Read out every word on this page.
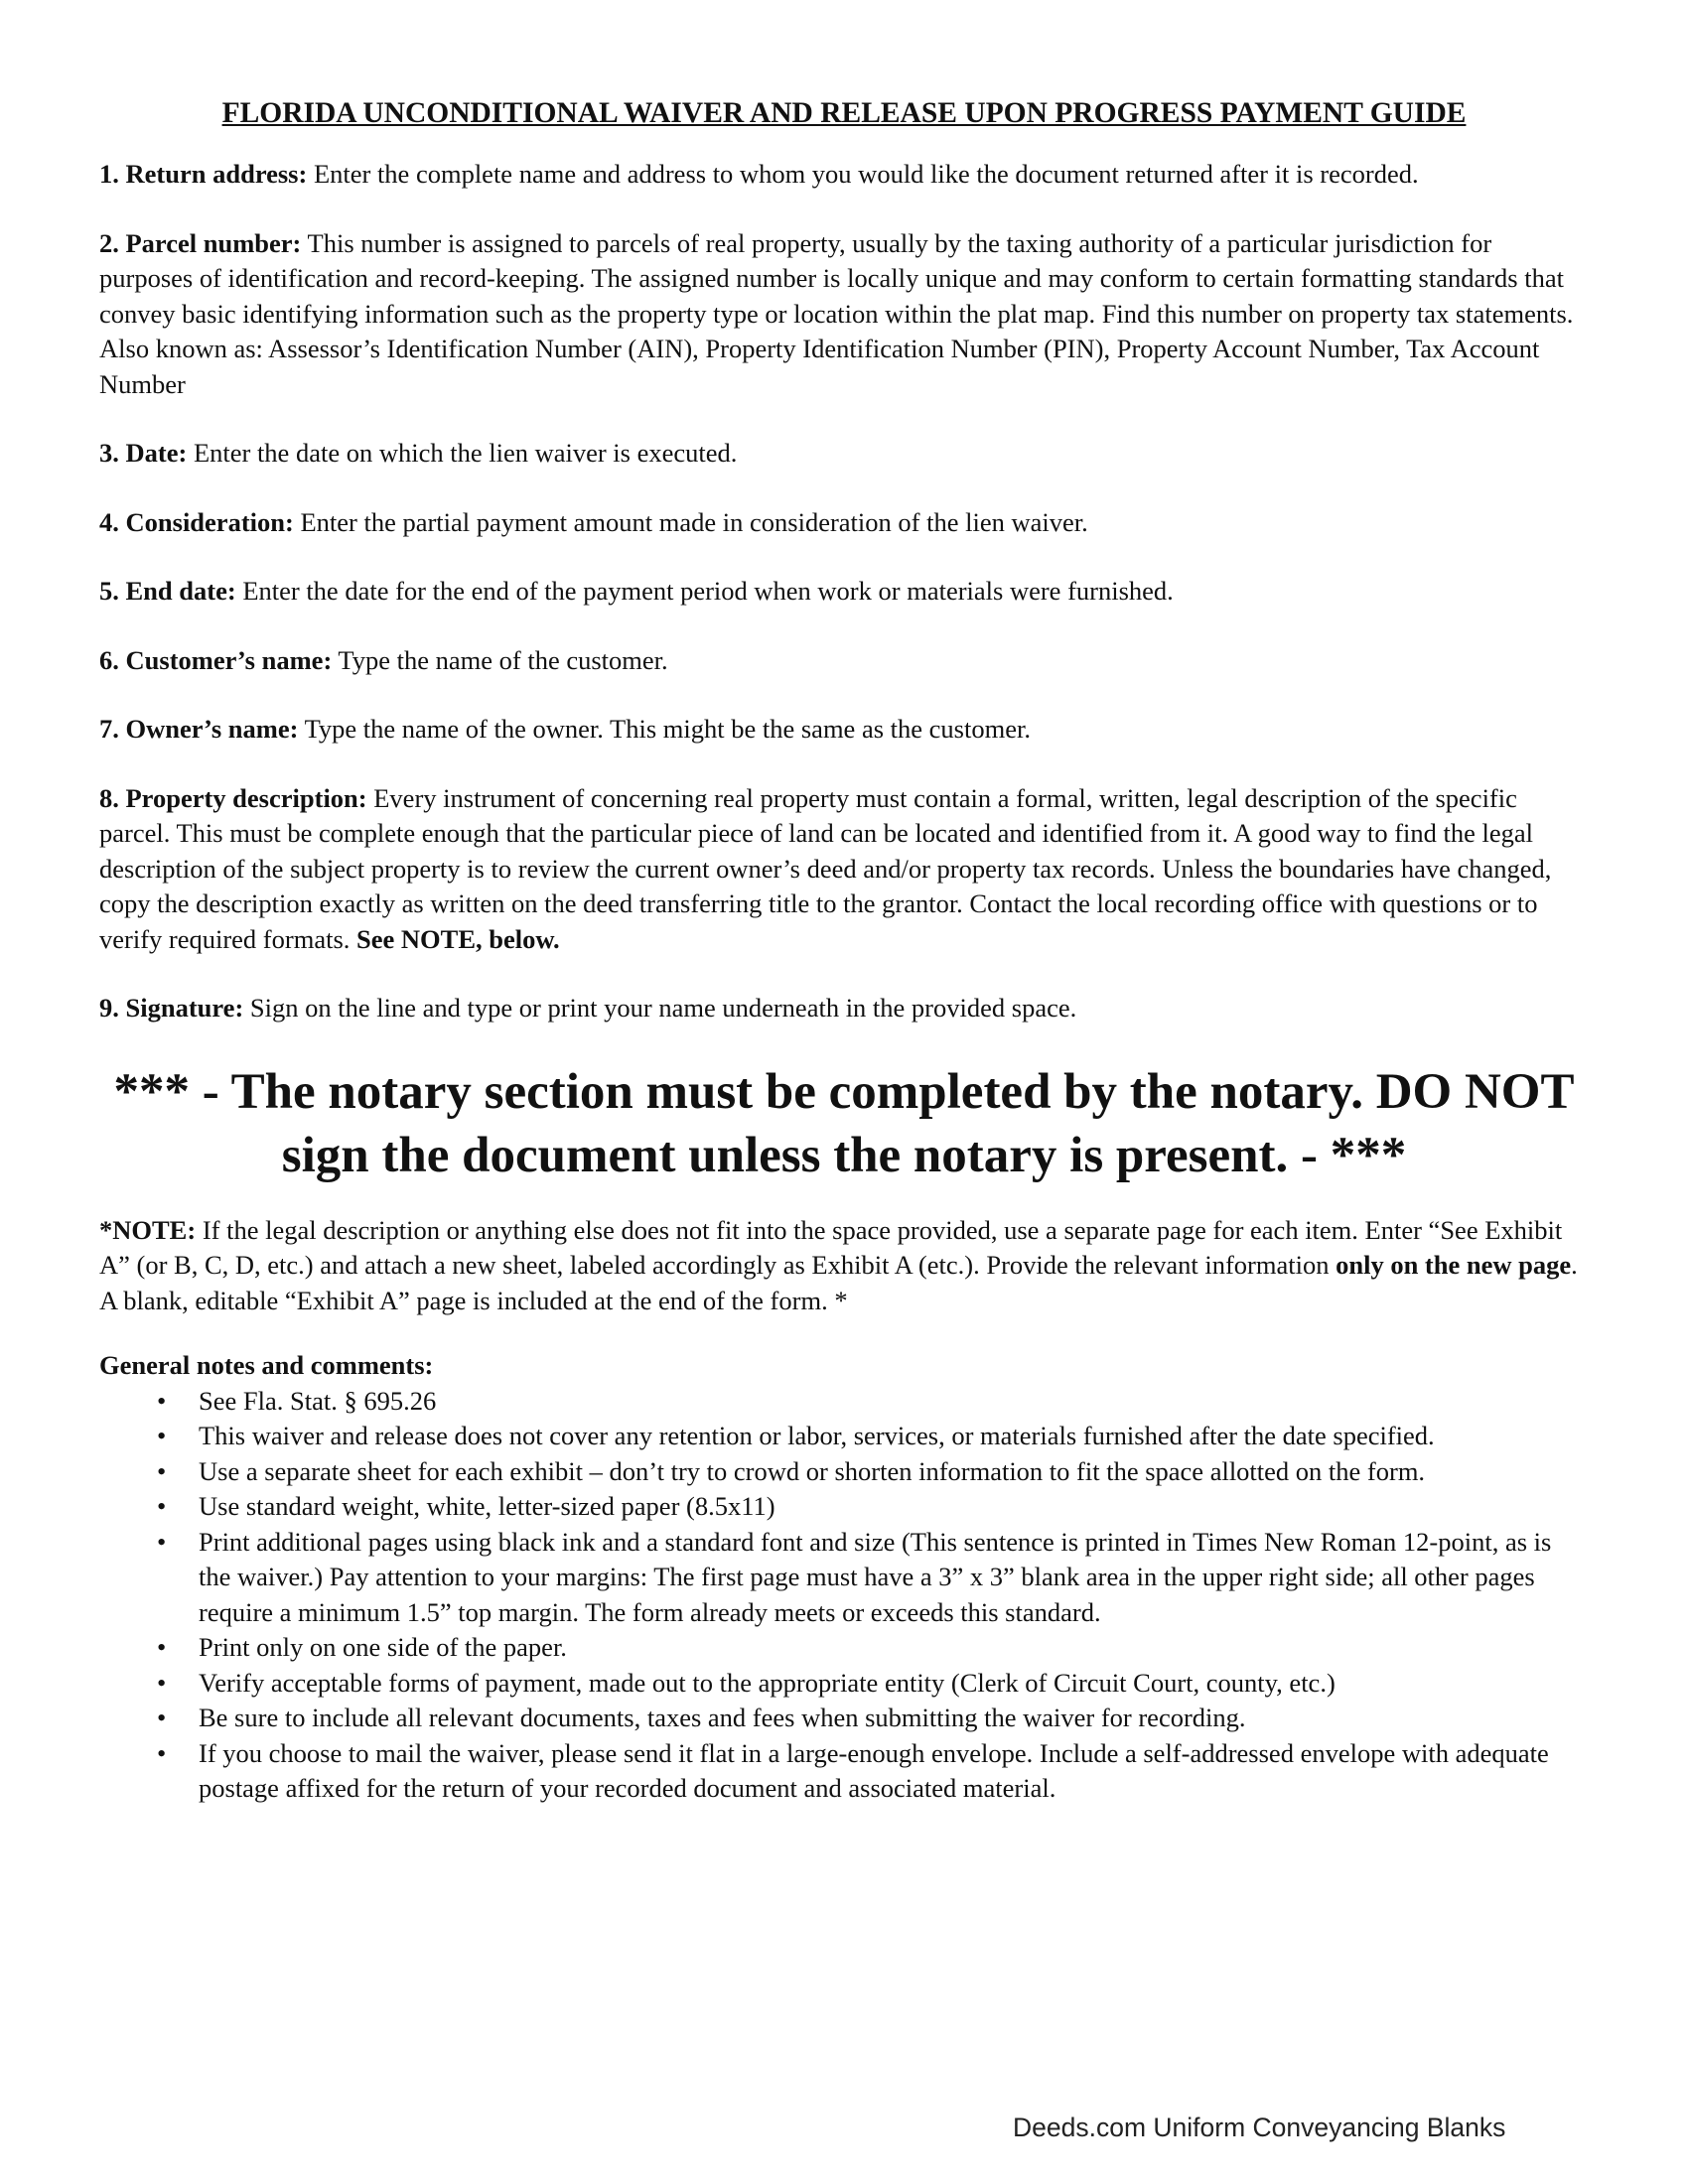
FLORIDA UNCONDITIONAL WAIVER AND RELEASE UPON PROGRESS PAYMENT GUIDE
1. Return address: Enter the complete name and address to whom you would like the document returned after it is recorded.
2. Parcel number: This number is assigned to parcels of real property, usually by the taxing authority of a particular jurisdiction for purposes of identification and record-keeping. The assigned number is locally unique and may conform to certain formatting standards that convey basic identifying information such as the property type or location within the plat map. Find this number on property tax statements. Also known as: Assessor’s Identification Number (AIN), Property Identification Number (PIN), Property Account Number, Tax Account Number
3. Date: Enter the date on which the lien waiver is executed.
4. Consideration: Enter the partial payment amount made in consideration of the lien waiver.
5. End date: Enter the date for the end of the payment period when work or materials were furnished.
6. Customer’s name: Type the name of the customer.
7. Owner’s name: Type the name of the owner. This might be the same as the customer.
8. Property description: Every instrument of concerning real property must contain a formal, written, legal description of the specific parcel. This must be complete enough that the particular piece of land can be located and identified from it. A good way to find the legal description of the subject property is to review the current owner’s deed and/or property tax records. Unless the boundaries have changed, copy the description exactly as written on the deed transferring title to the grantor. Contact the local recording office with questions or to verify required formats. See NOTE, below.
9. Signature: Sign on the line and type or print your name underneath in the provided space.
*** - The notary section must be completed by the notary. DO NOT sign the document unless the notary is present. - ***
*NOTE: If the legal description or anything else does not fit into the space provided, use a separate page for each item. Enter “See Exhibit A” (or B, C, D, etc.) and attach a new sheet, labeled accordingly as Exhibit A (etc.). Provide the relevant information only on the new page. A blank, editable “Exhibit A” page is included at the end of the form. *
General notes and comments:
• See Fla. Stat. § 695.26
• This waiver and release does not cover any retention or labor, services, or materials furnished after the date specified.
• Use a separate sheet for each exhibit – don’t try to crowd or shorten information to fit the space allotted on the form.
• Use standard weight, white, letter-sized paper (8.5x11)
• Print additional pages using black ink and a standard font and size (This sentence is printed in Times New Roman 12-point, as is the waiver.) Pay attention to your margins: The first page must have a 3” x 3” blank area in the upper right side; all other pages require a minimum 1.5” top margin. The form already meets or exceeds this standard.
• Print only on one side of the paper.
• Verify acceptable forms of payment, made out to the appropriate entity (Clerk of Circuit Court, county, etc.)
• Be sure to include all relevant documents, taxes and fees when submitting the waiver for recording.
• If you choose to mail the waiver, please send it flat in a large-enough envelope. Include a self-addressed envelope with adequate postage affixed for the return of your recorded document and associated material.
Deeds.com Uniform Conveyancing Blanks
